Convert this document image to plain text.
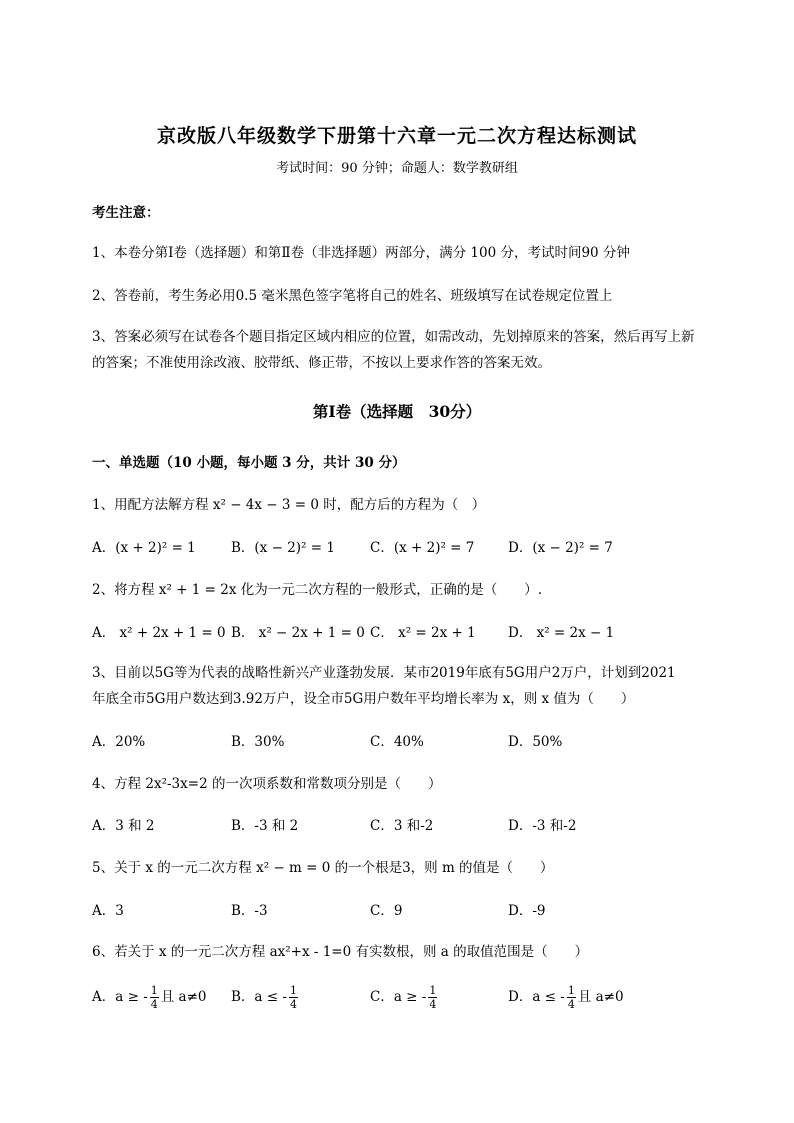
京改版八年级数学下册第十六章一元二次方程达标测试
考试时间：90 分钟；命题人：数学教研组
考生注意：
1、本卷分第Ⅰ卷（选择题）和第Ⅱ卷（非选择题）两部分，满分 100 分，考试时间90 分钟
2、答卷前，考生务必用0.5 毫米黑色签字笔将自己的姓名、班级填写在试卷规定位置上
3、答案必须写在试卷各个题目指定区域内相应的位置，如需改动，先划掉原来的答案，然后再写上新
的答案；不准使用涂改液、胶带纸、修正带，不按以上要求作答的答案无效。
第Ⅰ卷（选择题　30分）
一、单选题（10 小题，每小题 3 分，共计 30 分）
1、用配方法解方程 x² − 4x − 3 = 0 时，配方后的方程为（　）
A．(x + 2)² = 1	B．(x − 2)² = 1	C．(x + 2)² = 7 D．(x − 2)² = 7
2、将方程 x² + 1 = 2x 化为一元二次方程的一般形式，正确的是（　　）.
A． x² + 2x + 1 = 0 B． x² − 2x + 1 = 0 C． x² = 2x + 1 D． x² = 2x − 1
3、目前以5G等为代表的战略性新兴产业蓬勃发展．某市2019年底有5G用户2万户，计划到2021
年底全市5G用户数达到3.92万户，设全市5G用户数年平均增长率为 x，则 x 值为（　　）
A．20%	B．30%	C．40%	D．50%
4、方程 2x²-3x=2 的一次项系数和常数项分别是（　　）
A．3 和 2	B．-3 和 2	C．3 和-2	D．-3 和-2
5、关于 x 的一元二次方程 x² − m = 0 的一个根是3，则 m 的值是（　　）
A．3	B．-3	C．9	D．-9
6、若关于 x 的一元二次方程 ax²+x - 1=0 有实数根，则 a 的取值范围是（　　）
A．a ≥ - $\frac{1}{4}$ 且 a≠0 B．a ≤ - $\frac{1}{4}$	C．a ≥ - $\frac{1}{4}$	D．a ≤ - $\frac{1}{4}$ 且 a≠0
